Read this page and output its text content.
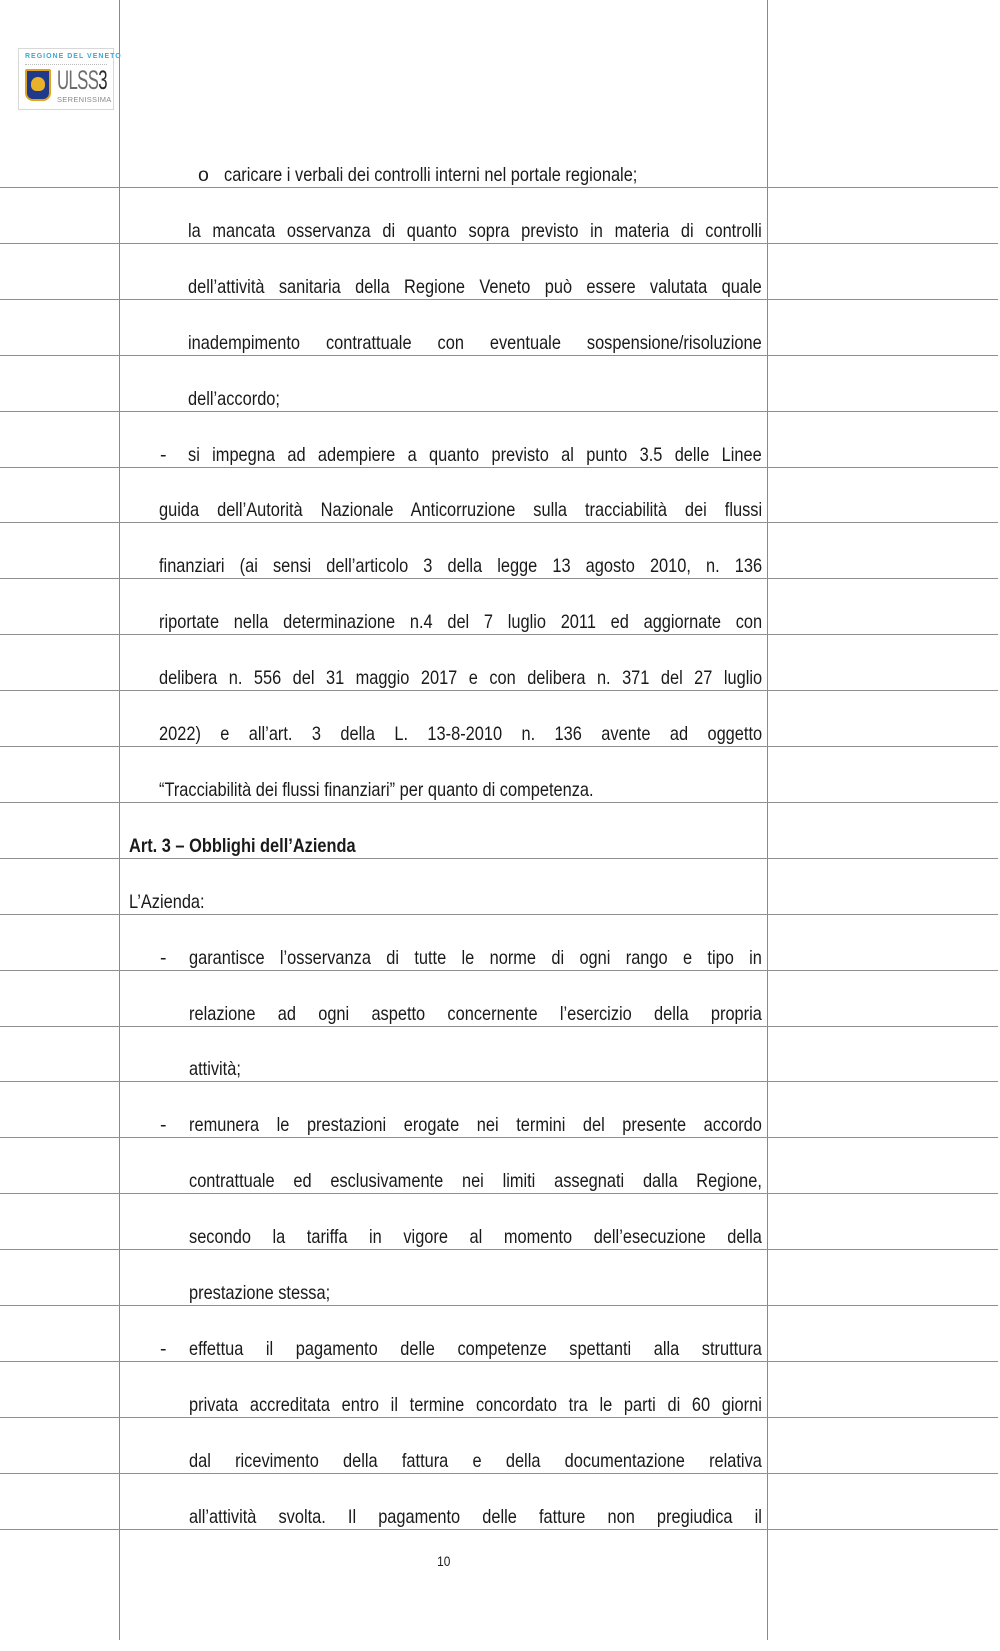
REGIONE DEL VENETO
ULSS3
SERENISSIMA
o caricare i verbali dei controlli interni nel portale regionale;
la mancata osservanza di quanto sopra previsto in materia di controlli
dell’attività sanitaria della Regione Veneto può essere valutata quale
inadempimento contrattuale con eventuale sospensione/risoluzione
dell’accordo;
- si impegna ad adempiere a quanto previsto al punto 3.5 delle Linee
guida dell’Autorità Nazionale Anticorruzione sulla tracciabilità dei flussi
finanziari (ai sensi dell’articolo 3 della legge 13 agosto 2010, n. 136
riportate nella determinazione n.4 del 7 luglio 2011 ed aggiornate con
delibera n. 556 del 31 maggio 2017 e con delibera n. 371 del 27 luglio
2022) e all’art. 3 della L. 13-8-2010 n. 136 avente ad oggetto
“Tracciabilità dei flussi finanziari” per quanto di competenza.
Art. 3 – Obblighi dell’Azienda
L’Azienda:
- garantisce l’osservanza di tutte le norme di ogni rango e tipo in
relazione ad ogni aspetto concernente l’esercizio della propria
attività;
- remunera le prestazioni erogate nei termini del presente accordo
contrattuale ed esclusivamente nei limiti assegnati dalla Regione,
secondo la tariffa in vigore al momento dell’esecuzione della
prestazione stessa;
- effettua il pagamento delle competenze spettanti alla struttura
privata accreditata entro il termine concordato tra le parti di 60 giorni
dal ricevimento della fattura e della documentazione relativa
all’attività svolta. Il pagamento delle fatture non pregiudica il
10
